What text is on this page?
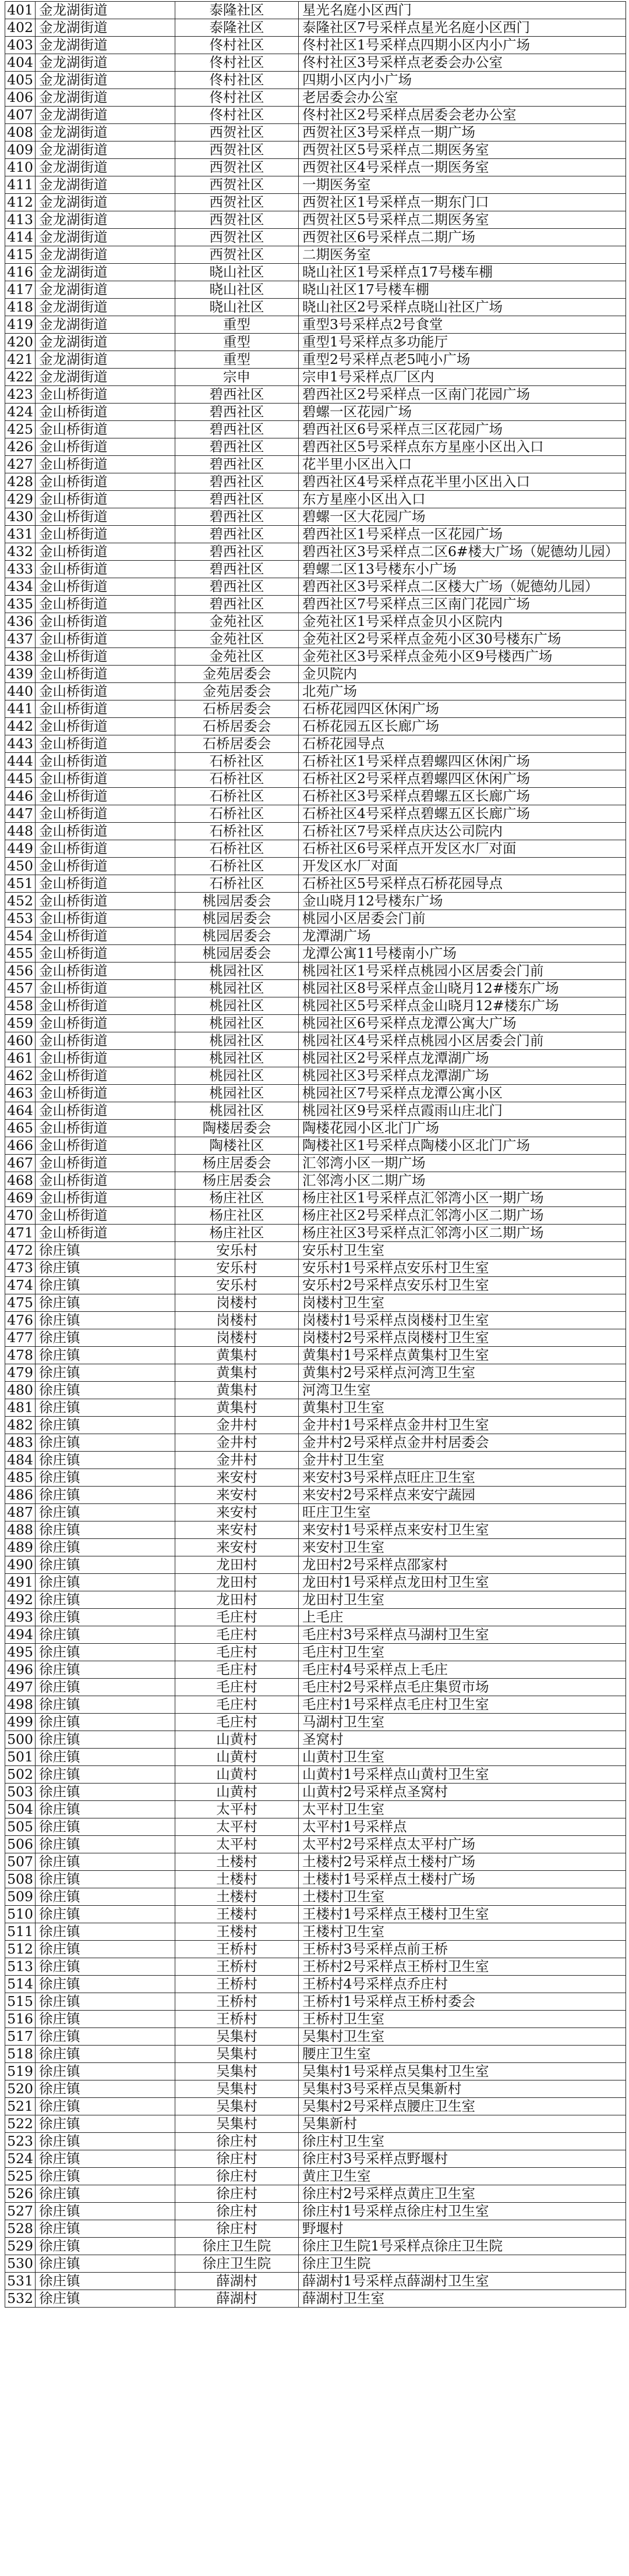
401	金龙湖街道	泰隆社区	星光名庭小区西门
402	金龙湖街道	泰隆社区	泰隆社区7号采样点星光名庭小区西门
403	金龙湖街道	佟村社区	佟村社区1号采样点四期小区内小广场
404	金龙湖街道	佟村社区	佟村社区3号采样点老委会办公室
405	金龙湖街道	佟村社区	四期小区内小广场
406	金龙湖街道	佟村社区	老居委会办公室
407	金龙湖街道	佟村社区	佟村社区2号采样点居委会老办公室
408	金龙湖街道	西贺社区	西贺社区3号采样点一期广场
409	金龙湖街道	西贺社区	西贺社区5号采样点二期医务室
410	金龙湖街道	西贺社区	西贺社区4号采样点一期医务室
411	金龙湖街道	西贺社区	一期医务室
412	金龙湖街道	西贺社区	西贺社区1号采样点一期东门口
413	金龙湖街道	西贺社区	西贺社区5号采样点二期医务室
414	金龙湖街道	西贺社区	西贺社区6号采样点二期广场
415	金龙湖街道	西贺社区	二期医务室
416	金龙湖街道	晓山社区	晓山社区1号采样点17号楼车棚
417	金龙湖街道	晓山社区	晓山社区17号楼车棚
418	金龙湖街道	晓山社区	晓山社区2号采样点晓山社区广场
419	金龙湖街道	重型	重型3号采样点2号食堂
420	金龙湖街道	重型	重型1号采样点多功能厅
421	金龙湖街道	重型	重型2号采样点老5吨小广场
422	金龙湖街道	宗申	宗申1号采样点厂区内
423	金山桥街道	碧西社区	碧西社区2号采样点一区南门花园广场
424	金山桥街道	碧西社区	碧螺一区花园广场
425	金山桥街道	碧西社区	碧西社区6号采样点三区花园广场
426	金山桥街道	碧西社区	碧西社区5号采样点东方星座小区出入口
427	金山桥街道	碧西社区	花半里小区出入口
428	金山桥街道	碧西社区	碧西社区4号采样点花半里小区出入口
429	金山桥街道	碧西社区	东方星座小区出入口
430	金山桥街道	碧西社区	碧螺一区大花园广场
431	金山桥街道	碧西社区	碧西社区1号采样点一区花园广场
432	金山桥街道	碧西社区	碧西社区3号采样点二区6#楼大广场（妮德幼儿园）
433	金山桥街道	碧西社区	碧螺二区13号楼东小广场
434	金山桥街道	碧西社区	碧西社区3号采样点二区楼大广场（妮德幼儿园）
435	金山桥街道	碧西社区	碧西社区7号采样点三区南门花园广场
436	金山桥街道	金苑社区	金苑社区1号采样点金贝小区院内
437	金山桥街道	金苑社区	金苑社区2号采样点金苑小区30号楼东广场
438	金山桥街道	金苑社区	金苑社区3号采样点金苑小区9号楼西广场
439	金山桥街道	金苑居委会	金贝院内
440	金山桥街道	金苑居委会	北苑广场
441	金山桥街道	石桥居委会	石桥花园四区休闲广场
442	金山桥街道	石桥居委会	石桥花园五区长廊广场
443	金山桥街道	石桥居委会	石桥花园导点
444	金山桥街道	石桥社区	石桥社区1号采样点碧螺四区休闲广场
445	金山桥街道	石桥社区	石桥社区2号采样点碧螺四区休闲广场
446	金山桥街道	石桥社区	石桥社区3号采样点碧螺五区长廊广场
447	金山桥街道	石桥社区	石桥社区4号采样点碧螺五区长廊广场
448	金山桥街道	石桥社区	石桥社区7号采样点庆达公司院内
449	金山桥街道	石桥社区	石桥社区6号采样点开发区水厂对面
450	金山桥街道	石桥社区	开发区水厂对面
451	金山桥街道	石桥社区	石桥社区5号采样点石桥花园导点
452	金山桥街道	桃园居委会	金山晓月12号楼东广场
453	金山桥街道	桃园居委会	桃园小区居委会门前
454	金山桥街道	桃园居委会	龙潭湖广场
455	金山桥街道	桃园居委会	龙潭公寓11号楼南小广场
456	金山桥街道	桃园社区	桃园社区1号采样点桃园小区居委会门前
457	金山桥街道	桃园社区	桃园社区8号采样点金山晓月12#楼东广场
458	金山桥街道	桃园社区	桃园社区5号采样点金山晓月12#楼东广场
459	金山桥街道	桃园社区	桃园社区6号采样点龙潭公寓大广场
460	金山桥街道	桃园社区	桃园社区4号采样点桃园小区居委会门前
461	金山桥街道	桃园社区	桃园社区2号采样点龙潭湖广场
462	金山桥街道	桃园社区	桃园社区3号采样点龙潭湖广场
463	金山桥街道	桃园社区	桃园社区7号采样点龙潭公寓小区
464	金山桥街道	桃园社区	桃园社区9号采样点霞雨山庄北门
465	金山桥街道	陶楼居委会	陶楼花园小区北门广场
466	金山桥街道	陶楼社区	陶楼社区1号采样点陶楼小区北门广场
467	金山桥街道	杨庄居委会	汇邻湾小区一期广场
468	金山桥街道	杨庄居委会	汇邻湾小区二期广场
469	金山桥街道	杨庄社区	杨庄社区1号采样点汇邻湾小区一期广场
470	金山桥街道	杨庄社区	杨庄社区2号采样点汇邻湾小区二期广场
471	金山桥街道	杨庄社区	杨庄社区3号采样点汇邻湾小区二期广场
472	徐庄镇	安乐村	安乐村卫生室
473	徐庄镇	安乐村	安乐村1号采样点安乐村卫生室
474	徐庄镇	安乐村	安乐村2号采样点安乐村卫生室
475	徐庄镇	岗楼村	岗楼村卫生室
476	徐庄镇	岗楼村	岗楼村1号采样点岗楼村卫生室
477	徐庄镇	岗楼村	岗楼村2号采样点岗楼村卫生室
478	徐庄镇	黄集村	黄集村1号采样点黄集村卫生室
479	徐庄镇	黄集村	黄集村2号采样点河湾卫生室
480	徐庄镇	黄集村	河湾卫生室
481	徐庄镇	黄集村	黄集村卫生室
482	徐庄镇	金井村	金井村1号采样点金井村卫生室
483	徐庄镇	金井村	金井村2号采样点金井村居委会
484	徐庄镇	金井村	金井村卫生室
485	徐庄镇	来安村	来安村3号采样点旺庄卫生室
486	徐庄镇	来安村	来安村2号采样点来安宁蔬园
487	徐庄镇	来安村	旺庄卫生室
488	徐庄镇	来安村	来安村1号采样点来安村卫生室
489	徐庄镇	来安村	来安村卫生室
490	徐庄镇	龙田村	龙田村2号采样点邵家村
491	徐庄镇	龙田村	龙田村1号采样点龙田村卫生室
492	徐庄镇	龙田村	龙田村卫生室
493	徐庄镇	毛庄村	上毛庄
494	徐庄镇	毛庄村	毛庄村3号采样点马湖村卫生室
495	徐庄镇	毛庄村	毛庄村卫生室
496	徐庄镇	毛庄村	毛庄村4号采样点上毛庄
497	徐庄镇	毛庄村	毛庄村2号采样点毛庄集贸市场
498	徐庄镇	毛庄村	毛庄村1号采样点毛庄村卫生室
499	徐庄镇	毛庄村	马湖村卫生室
500	徐庄镇	山黄村	圣窝村
501	徐庄镇	山黄村	山黄村卫生室
502	徐庄镇	山黄村	山黄村1号采样点山黄村卫生室
503	徐庄镇	山黄村	山黄村2号采样点圣窝村
504	徐庄镇	太平村	太平村卫生室
505	徐庄镇	太平村	太平村1号采样点
506	徐庄镇	太平村	太平村2号采样点太平村广场
507	徐庄镇	土楼村	土楼村2号采样点土楼村广场
508	徐庄镇	土楼村	土楼村1号采样点土楼村广场
509	徐庄镇	土楼村	土楼村卫生室
510	徐庄镇	王楼村	王楼村1号采样点王楼村卫生室
511	徐庄镇	王楼村	王楼村卫生室
512	徐庄镇	王桥村	王桥村3号采样点前王桥
513	徐庄镇	王桥村	王桥村2号采样点王桥村卫生室
514	徐庄镇	王桥村	王桥村4号采样点乔庄村
515	徐庄镇	王桥村	王桥村1号采样点王桥村委会
516	徐庄镇	王桥村	王桥村卫生室
517	徐庄镇	吴集村	吴集村卫生室
518	徐庄镇	吴集村	腰庄卫生室
519	徐庄镇	吴集村	吴集村1号采样点吴集村卫生室
520	徐庄镇	吴集村	吴集村3号采样点吴集新村
521	徐庄镇	吴集村	吴集村2号采样点腰庄卫生室
522	徐庄镇	吴集村	吴集新村
523	徐庄镇	徐庄村	徐庄村卫生室
524	徐庄镇	徐庄村	徐庄村3号采样点野堰村
525	徐庄镇	徐庄村	黄庄卫生室
526	徐庄镇	徐庄村	徐庄村2号采样点黄庄卫生室
527	徐庄镇	徐庄村	徐庄村1号采样点徐庄村卫生室
528	徐庄镇	徐庄村	野堰村
529	徐庄镇	徐庄卫生院	徐庄卫生院1号采样点徐庄卫生院
530	徐庄镇	徐庄卫生院	徐庄卫生院
531	徐庄镇	薛湖村	薛湖村1号采样点薛湖村卫生室
532	徐庄镇	薛湖村	薛湖村卫生室
